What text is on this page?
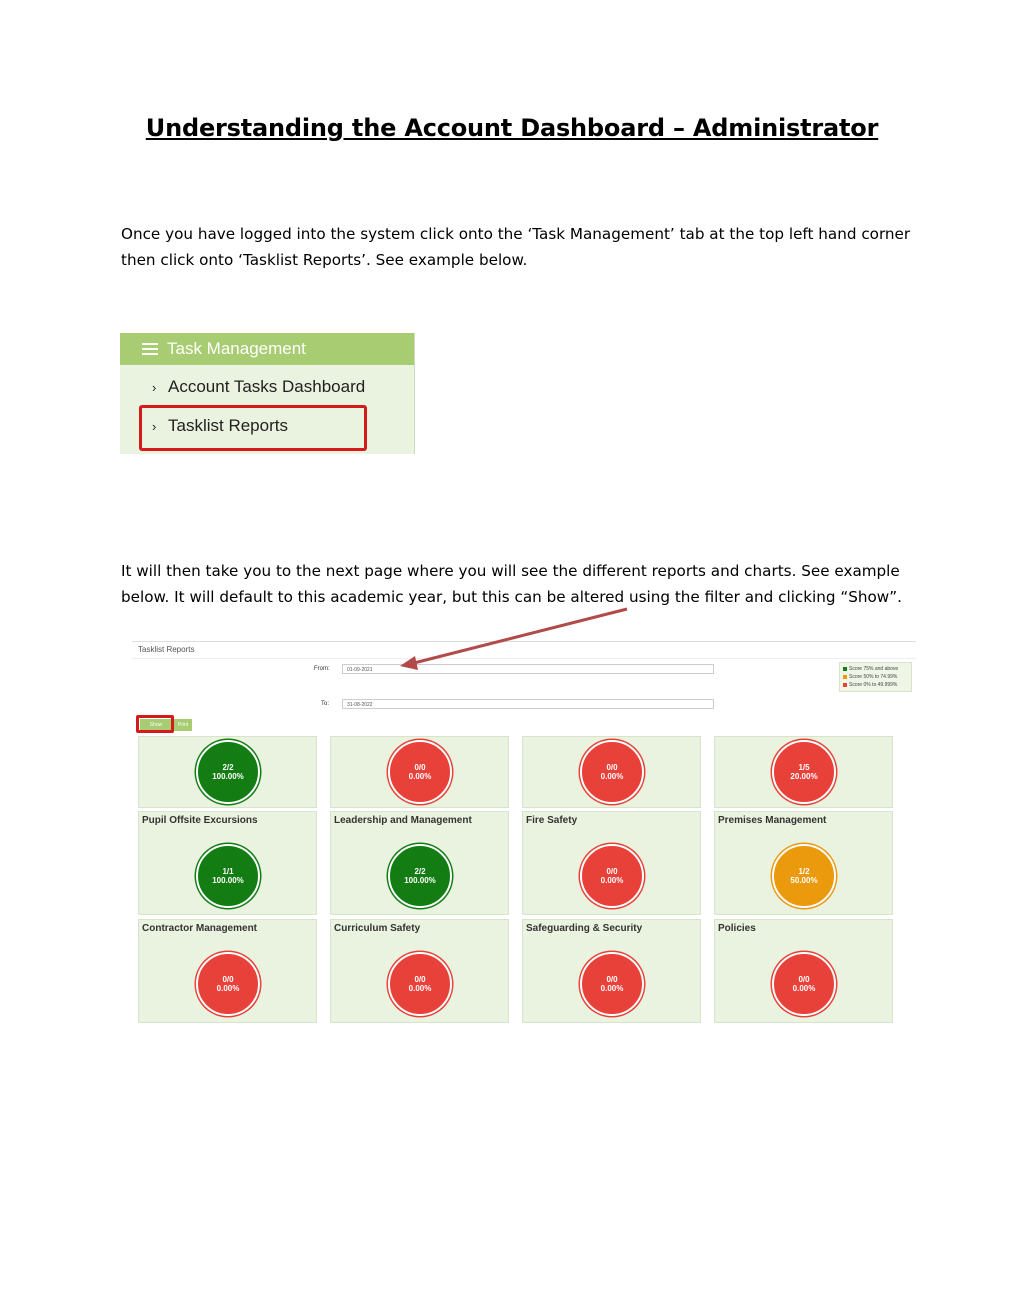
Understanding the Account Dashboard – Administrator
Once you have logged into the system click onto the ‘Task Management’ tab at the top left hand corner then click onto ‘Tasklist Reports’. See example below.
Task Management
› Account Tasks Dashboard
› Tasklist Reports
It will then take you to the next page where you will see the different reports and charts. See example below. It will default to this academic year, but this can be altered using the filter and clicking “Show”.
Tasklist Reports
From:	01-09-2021
To:	31-08-2022
Score 75% and above
Score 50% to 74.99%
Score 0% to 49.999%
Show	Print
2/2
100.00%
0/0
0.00%
0/0
0.00%
1/5
20.00%
Pupil Offsite Excursions
1/1
100.00%
Leadership and Management
2/2
100.00%
Fire Safety
0/0
0.00%
Premises Management
1/2
50.00%
Contractor Management
0/0
0.00%
Curriculum Safety
0/0
0.00%
Safeguarding & Security
0/0
0.00%
Policies
0/0
0.00%
